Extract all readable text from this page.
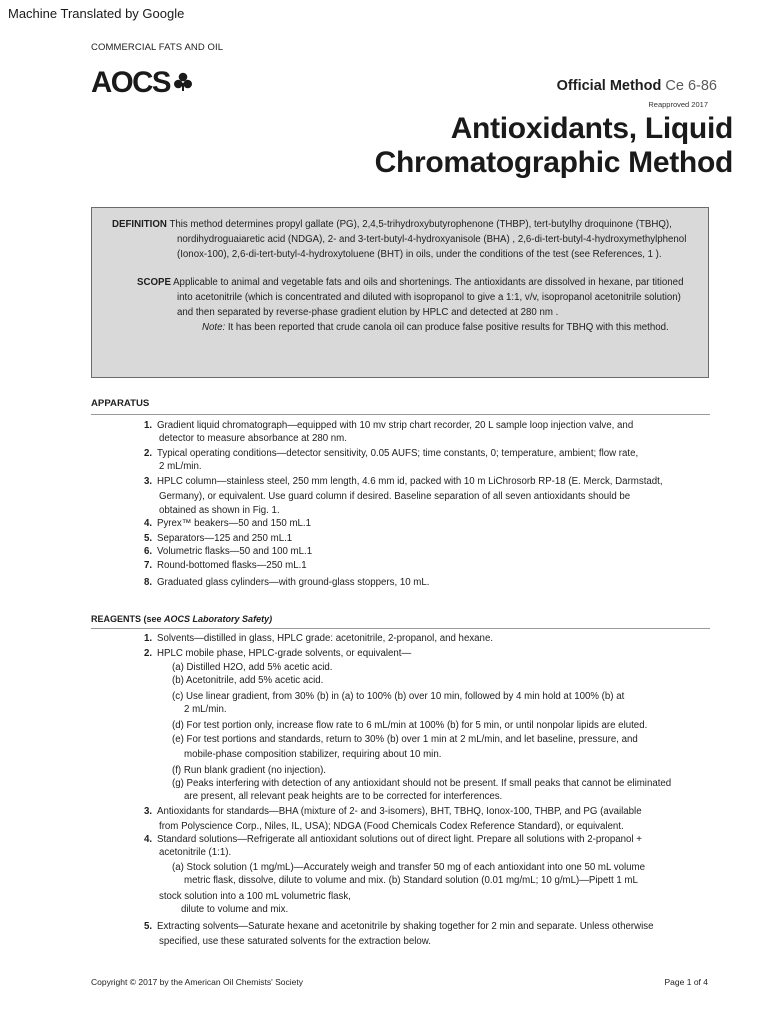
Machine Translated by Google
COMMERCIAL FATS AND OIL
AOCS	Official Method Ce 6-86
Reapproved 2017
Antioxidants, Liquid
Chromatographic Method

DEFINITION This method determines propyl gallate (PG), 2,4,5-trihydroxybutyrophenone (THBP), tert-butylhy droquinone (TBHQ), nordihydroguaiaretic acid (NDGA), 2- and 3-tert-butyl-4-hydroxyanisole (BHA) , 2,6-di-tert-butyl-4-hydroxymethylphenol (Ionox-100), 2,6-di-tert-butyl-4-hydroxytoluene (BHT) in oils, under the conditions of the test (see References, 1 ).

SCOPE Applicable to animal and vegetable fats and oils and shortenings. The antioxidants are dissolved in hexane, par titioned into acetonitrile (which is concentrated and diluted with isopropanol to give a 1:1, v/v, isopropanol acetonitrile solution) and then separated by reverse-phase gradient elution by HPLC and detected at 280 nm .

Note: It has been reported that crude canola oil can produce false positive results for TBHQ with this method.

APPARATUS
1. Gradient liquid chromatograph—equipped with 10 mv strip chart recorder, 20 L sample loop injection valve, and
detector to measure absorbance at 280 nm.
2. Typical operating conditions—detector sensitivity, 0.05 AUFS; time constants, 0; temperature, ambient; flow rate,
2 mL/min.
3. HPLC column—stainless steel, 250 mm length, 4.6 mm id, packed with 10 m LiChrosorb RP-18 (E. Merck, Darmstadt,
Germany), or equivalent. Use guard column if desired. Baseline separation of all seven antioxidants should be
obtained as shown in Fig. 1.
4. Pyrex™ beakers—50 and 150 mL.1
5. Separators—125 and 250 mL.1
6. Volumetric flasks—50 and 100 mL.1
7. Round-bottomed flasks—250 mL.1
8. Graduated glass cylinders—with ground-glass stoppers, 10 mL.
REAGENTS (see AOCS Laboratory Safety)
1. Solvents—distilled in glass, HPLC grade: acetonitrile, 2-propanol, and hexane.
2. HPLC mobile phase, HPLC-grade solvents, or equivalent—
(a) Distilled H2O, add 5% acetic acid.
(b) Acetonitrile, add 5% acetic acid.
(c) Use linear gradient, from 30% (b) in (a) to 100% (b) over 10 min, followed by 4 min hold at 100% (b) at
2 mL/min.
(d) For test portion only, increase flow rate to 6 mL/min at 100% (b) for 5 min, or until nonpolar lipids are eluted.
(e) For test portions and standards, return to 30% (b) over 1 min at 2 mL/min, and let baseline, pressure, and
mobile-phase composition stabilizer, requiring about 10 min.
(f) Run blank gradient (no injection).
(g) Peaks interfering with detection of any antioxidant should not be present. If small peaks that cannot be eliminated
are present, all relevant peak heights are to be corrected for interferences.
3. Antioxidants for standards—BHA (mixture of 2- and 3-isomers), BHT, TBHQ, Ionox-100, THBP, and PG (available
from Polyscience Corp., Niles, IL, USA); NDGA (Food Chemicals Codex Reference Standard), or equivalent.
4. Standard solutions—Refrigerate all antioxidant solutions out of direct light. Prepare all solutions with 2-propanol +
acetonitrile (1:1).
(a) Stock solution (1 mg/mL)—Accurately weigh and transfer 50 mg of each antioxidant into one 50 mL volume
metric flask, dissolve, dilute to volume and mix. (b) Standard solution (0.01 mg/mL; 10 g/mL)—Pipett 1 mL
stock solution into a 100 mL volumetric flask,
dilute to volume and mix.
5. Extracting solvents—Saturate hexane and acetonitrile by shaking together for 2 min and separate. Unless otherwise
specified, use these saturated solvents for the extraction below.
Copyright © 2017 by the American Oil Chemists' Society	Page 1 of 4
